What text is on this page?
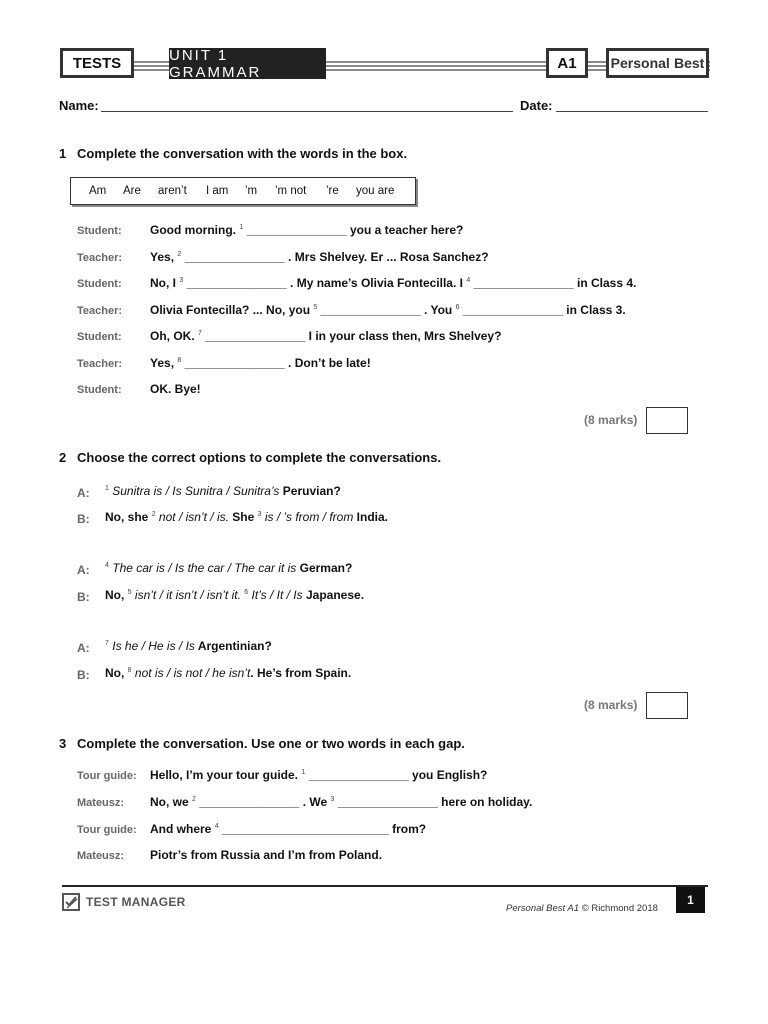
TESTS	UNIT 1 GRAMMAR
A1	Personal
Best
Name:	Date:
1 Complete the conversation with the words in the box.
Am Are aren’t I am ’m ’m not ’re you are
Student: Good morning. $^1$ _______________ you a teacher here?
Teacher: Yes, $^2$ _______________ . Mrs Shelvey. Er ... Rosa Sanchez?
Student: No, I $^3$ _______________ . My name’s Olivia Fontecilla. I $^4$ _______________ in Class 4.
Teacher: Olivia Fontecilla? ... No, you $^5$ _______________ . You $^6$ _______________ in Class 3.
Student: Oh, OK. $^7$ _______________ I in your class then, Mrs Shelvey?
Teacher: Yes, $^8$ _______________ . Don’t be late!
Student: OK. Bye!
(8 marks)
2 Choose the correct options to complete the conversations.
A: $^1$ Sunitra is / Is Sunitra / Sunitra’s Peruvian?
B: No, she $^2$ not / isn’t / is. She $^3$ is / ’s from / from India.
A: $^4$ The car is / Is the car / The car it is German?
B: No, $^5$ isn’t / it isn’t / isn’t it. $^6$ It’s / It / Is Japanese.
A: $^7$ Is he / He is / Is Argentinian?
B: No, $^8$ not is / is not / he isn’t. He’s from Spain.
(8 marks)
3 Complete the conversation. Use one or two words in each gap.
Tour guide: Hello, I’m your tour guide. $^1$ _______________ you English?
Mateusz: No, we $^2$ _______________ . We $^3$ _______________ here on holiday.
Tour guide: And where $^4$ _________________________ from?
Mateusz: Piotr’s from Russia and I’m from Poland.
TEST MANAGER	Personal Best A1 © Richmond 2018
1
